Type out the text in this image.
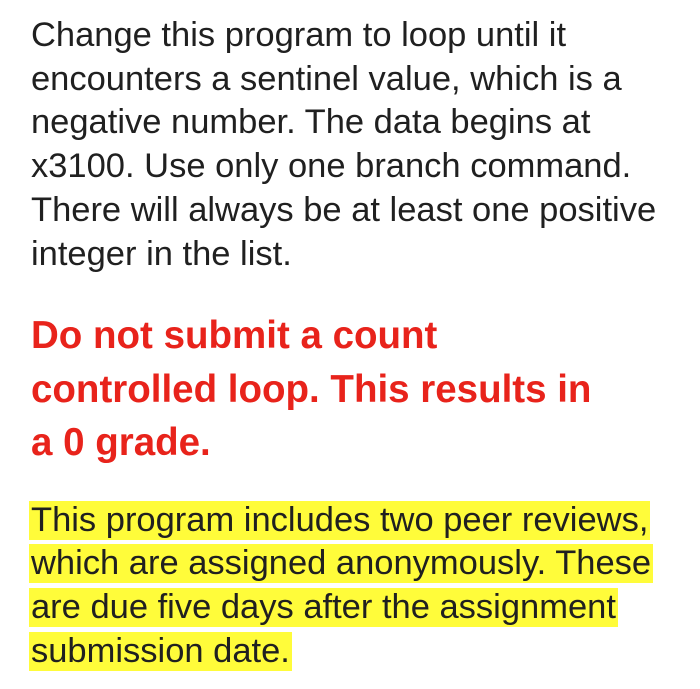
Change this program to loop until it
encounters a sentinel value, which is a
negative number. The data begins at
x3100. Use only one branch command.
There will always be at least one positive
integer in the list.

Do not submit a count
controlled loop. This results in
a 0 grade.

This program includes two peer reviews,
which are assigned anonymously. These
are due five days after the assignment
submission date.
